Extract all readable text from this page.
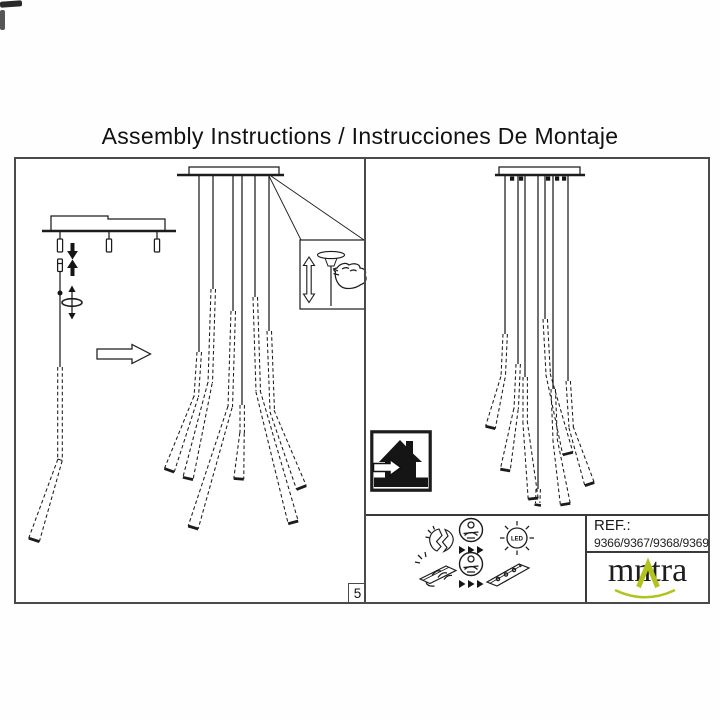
Assembly Instructions / Instrucciones De Montaje
LED
REF.:
9366/9367/9368/9369
m ntra
5
